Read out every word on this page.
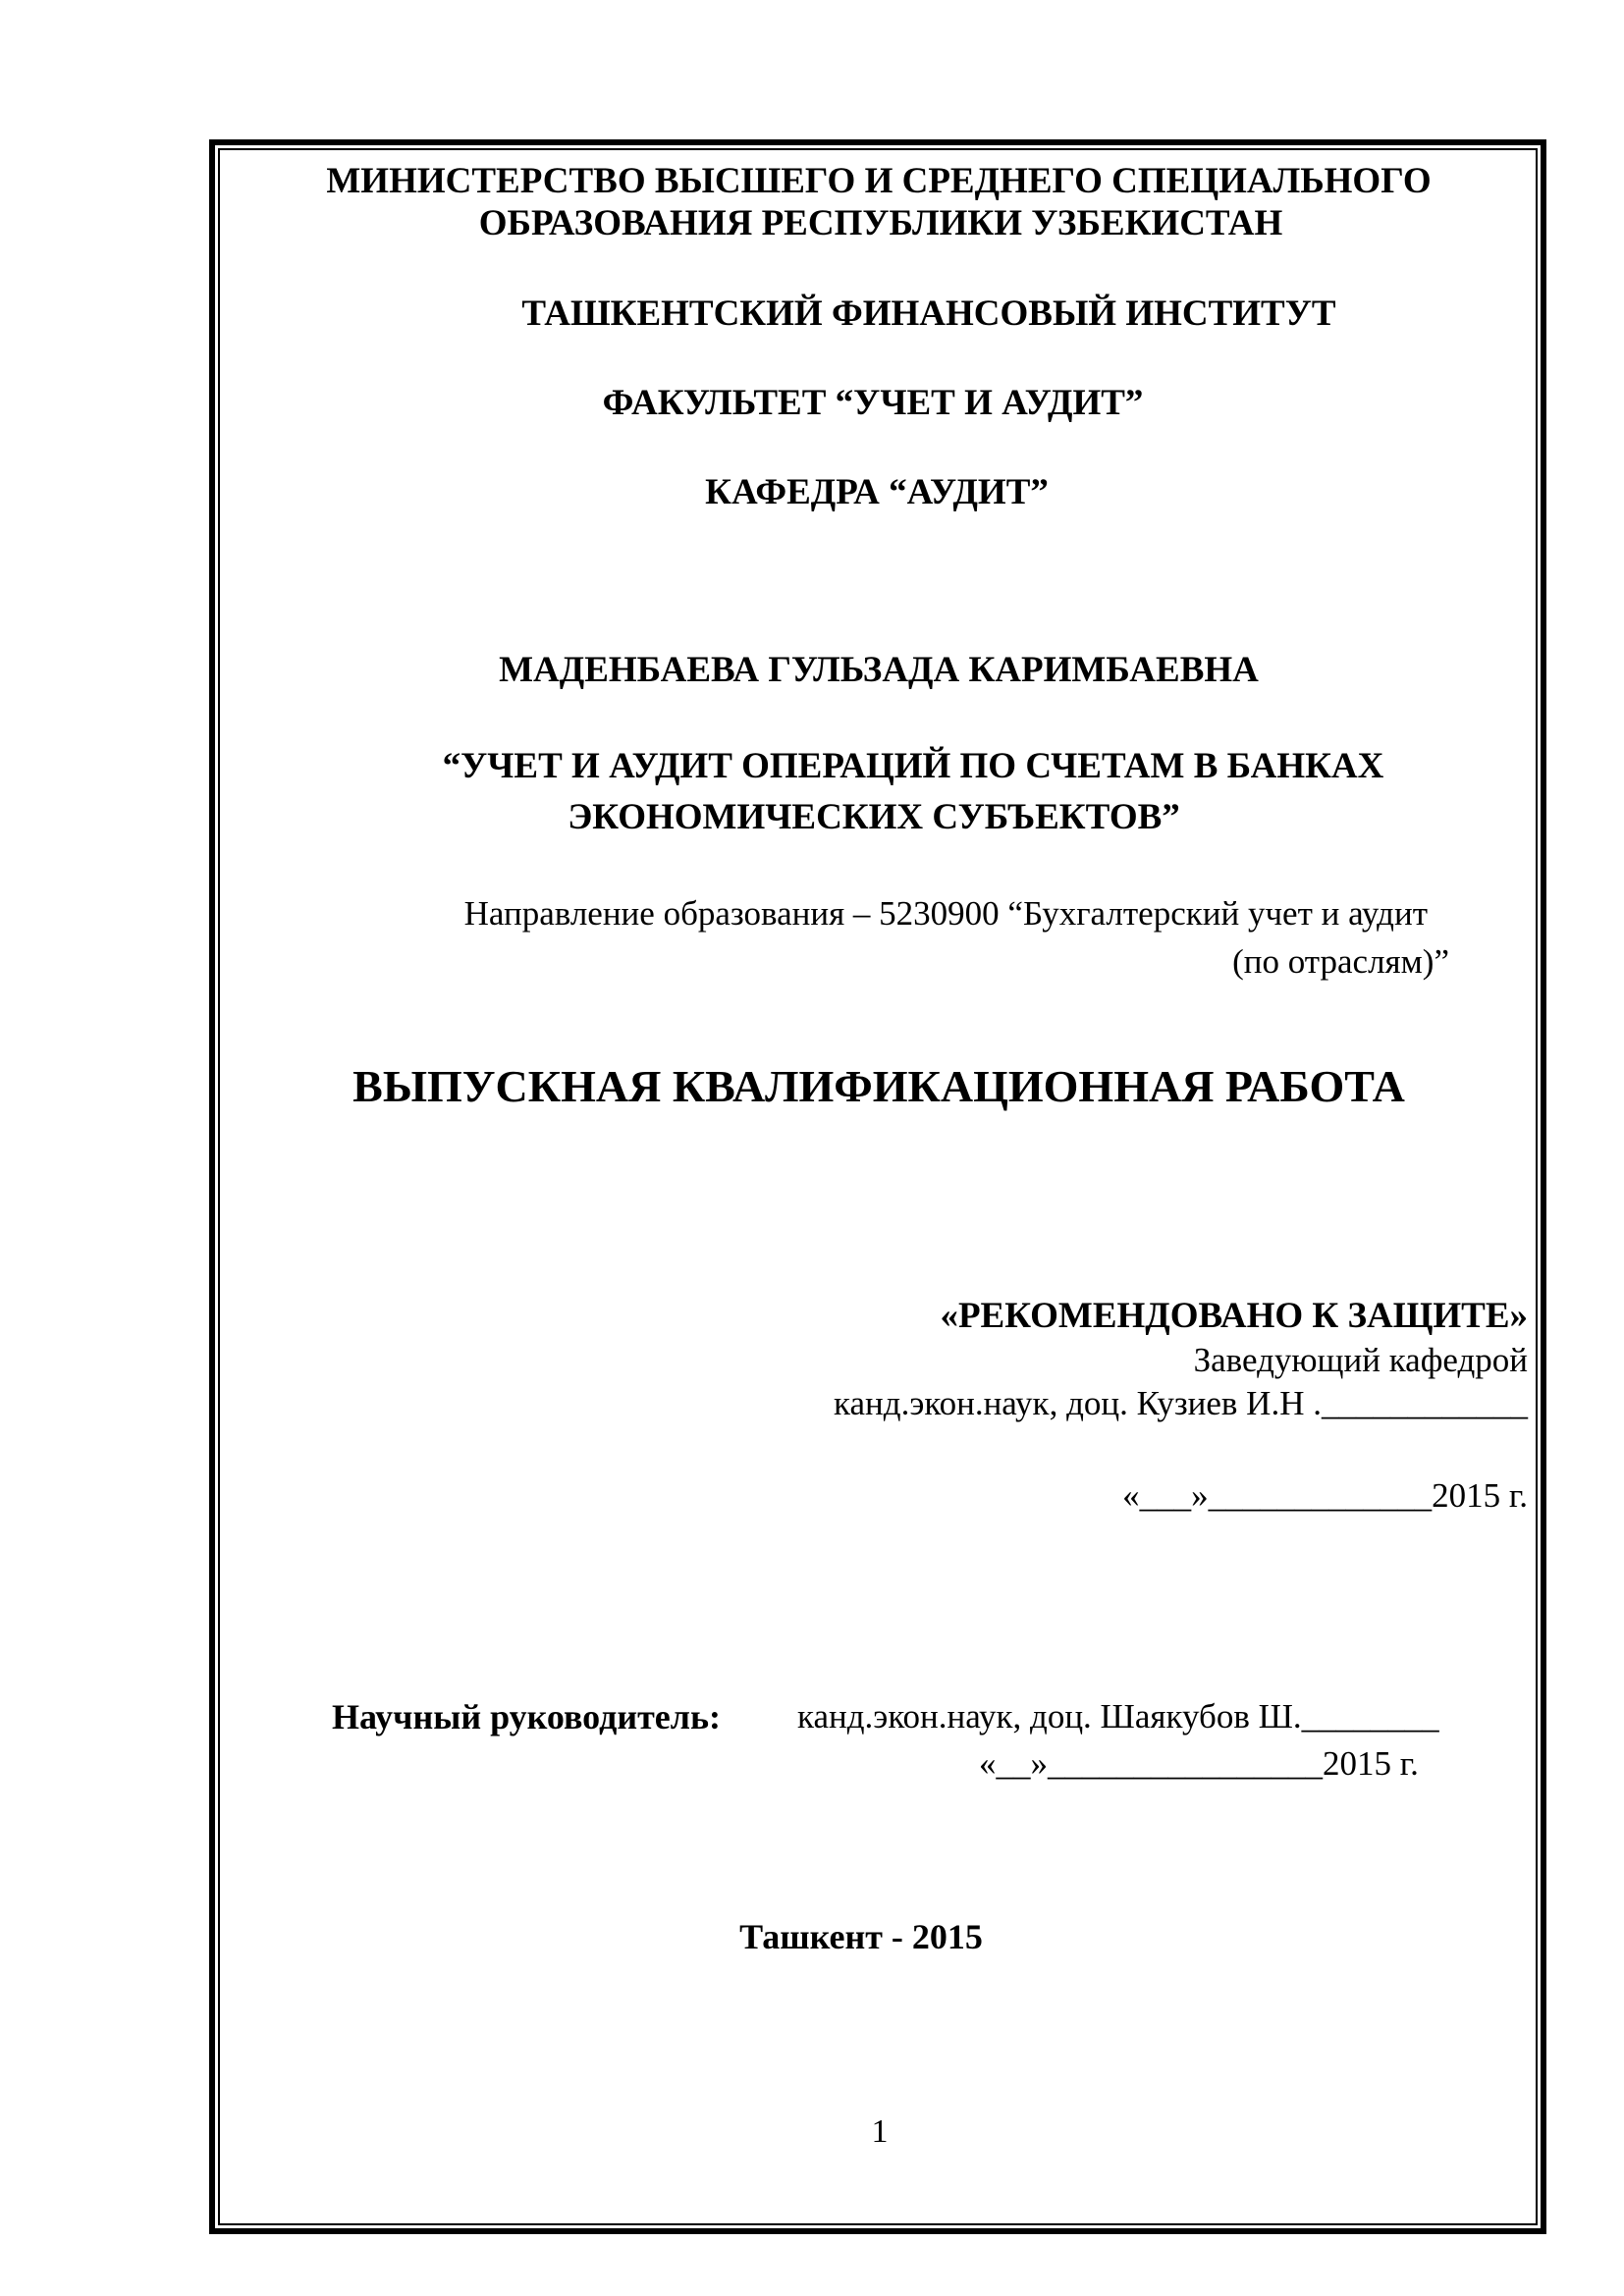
МИНИСТЕРСТВО ВЫСШЕГО И СРЕДНЕГО СПЕЦИАЛЬНОГО
ОБРАЗОВАНИЯ РЕСПУБЛИКИ УЗБЕКИСТАН
ТАШКЕНТСКИЙ ФИНАНСОВЫЙ ИНСТИТУТ
ФАКУЛЬТЕТ “УЧЕТ И АУДИТ”
КАФЕДРА “АУДИТ”
МАДЕНБАЕВА ГУЛЬЗАДА КАРИМБАЕВНА
“УЧЕТ И АУДИТ ОПЕРАЦИЙ ПО СЧЕТАМ В БАНКАХ
ЭКОНОМИЧЕСКИХ СУБЪЕКТОВ”
Направление образования – 5230900 “Бухгалтерский учет и аудит
(по отраслям)”
ВЫПУСКНАЯ КВАЛИФИКАЦИОННАЯ РАБОТА
«РЕКОМЕНДОВАНО К ЗАЩИТЕ»
Заведующий кафедрой
канд.экон.наук, доц. Кузиев И.Н .____________
«___»_____________2015 г.
Научный руководитель: канд.экон.наук, доц. Шаякубов Ш.________
«__»________________2015 г.
Ташкент - 2015
1
